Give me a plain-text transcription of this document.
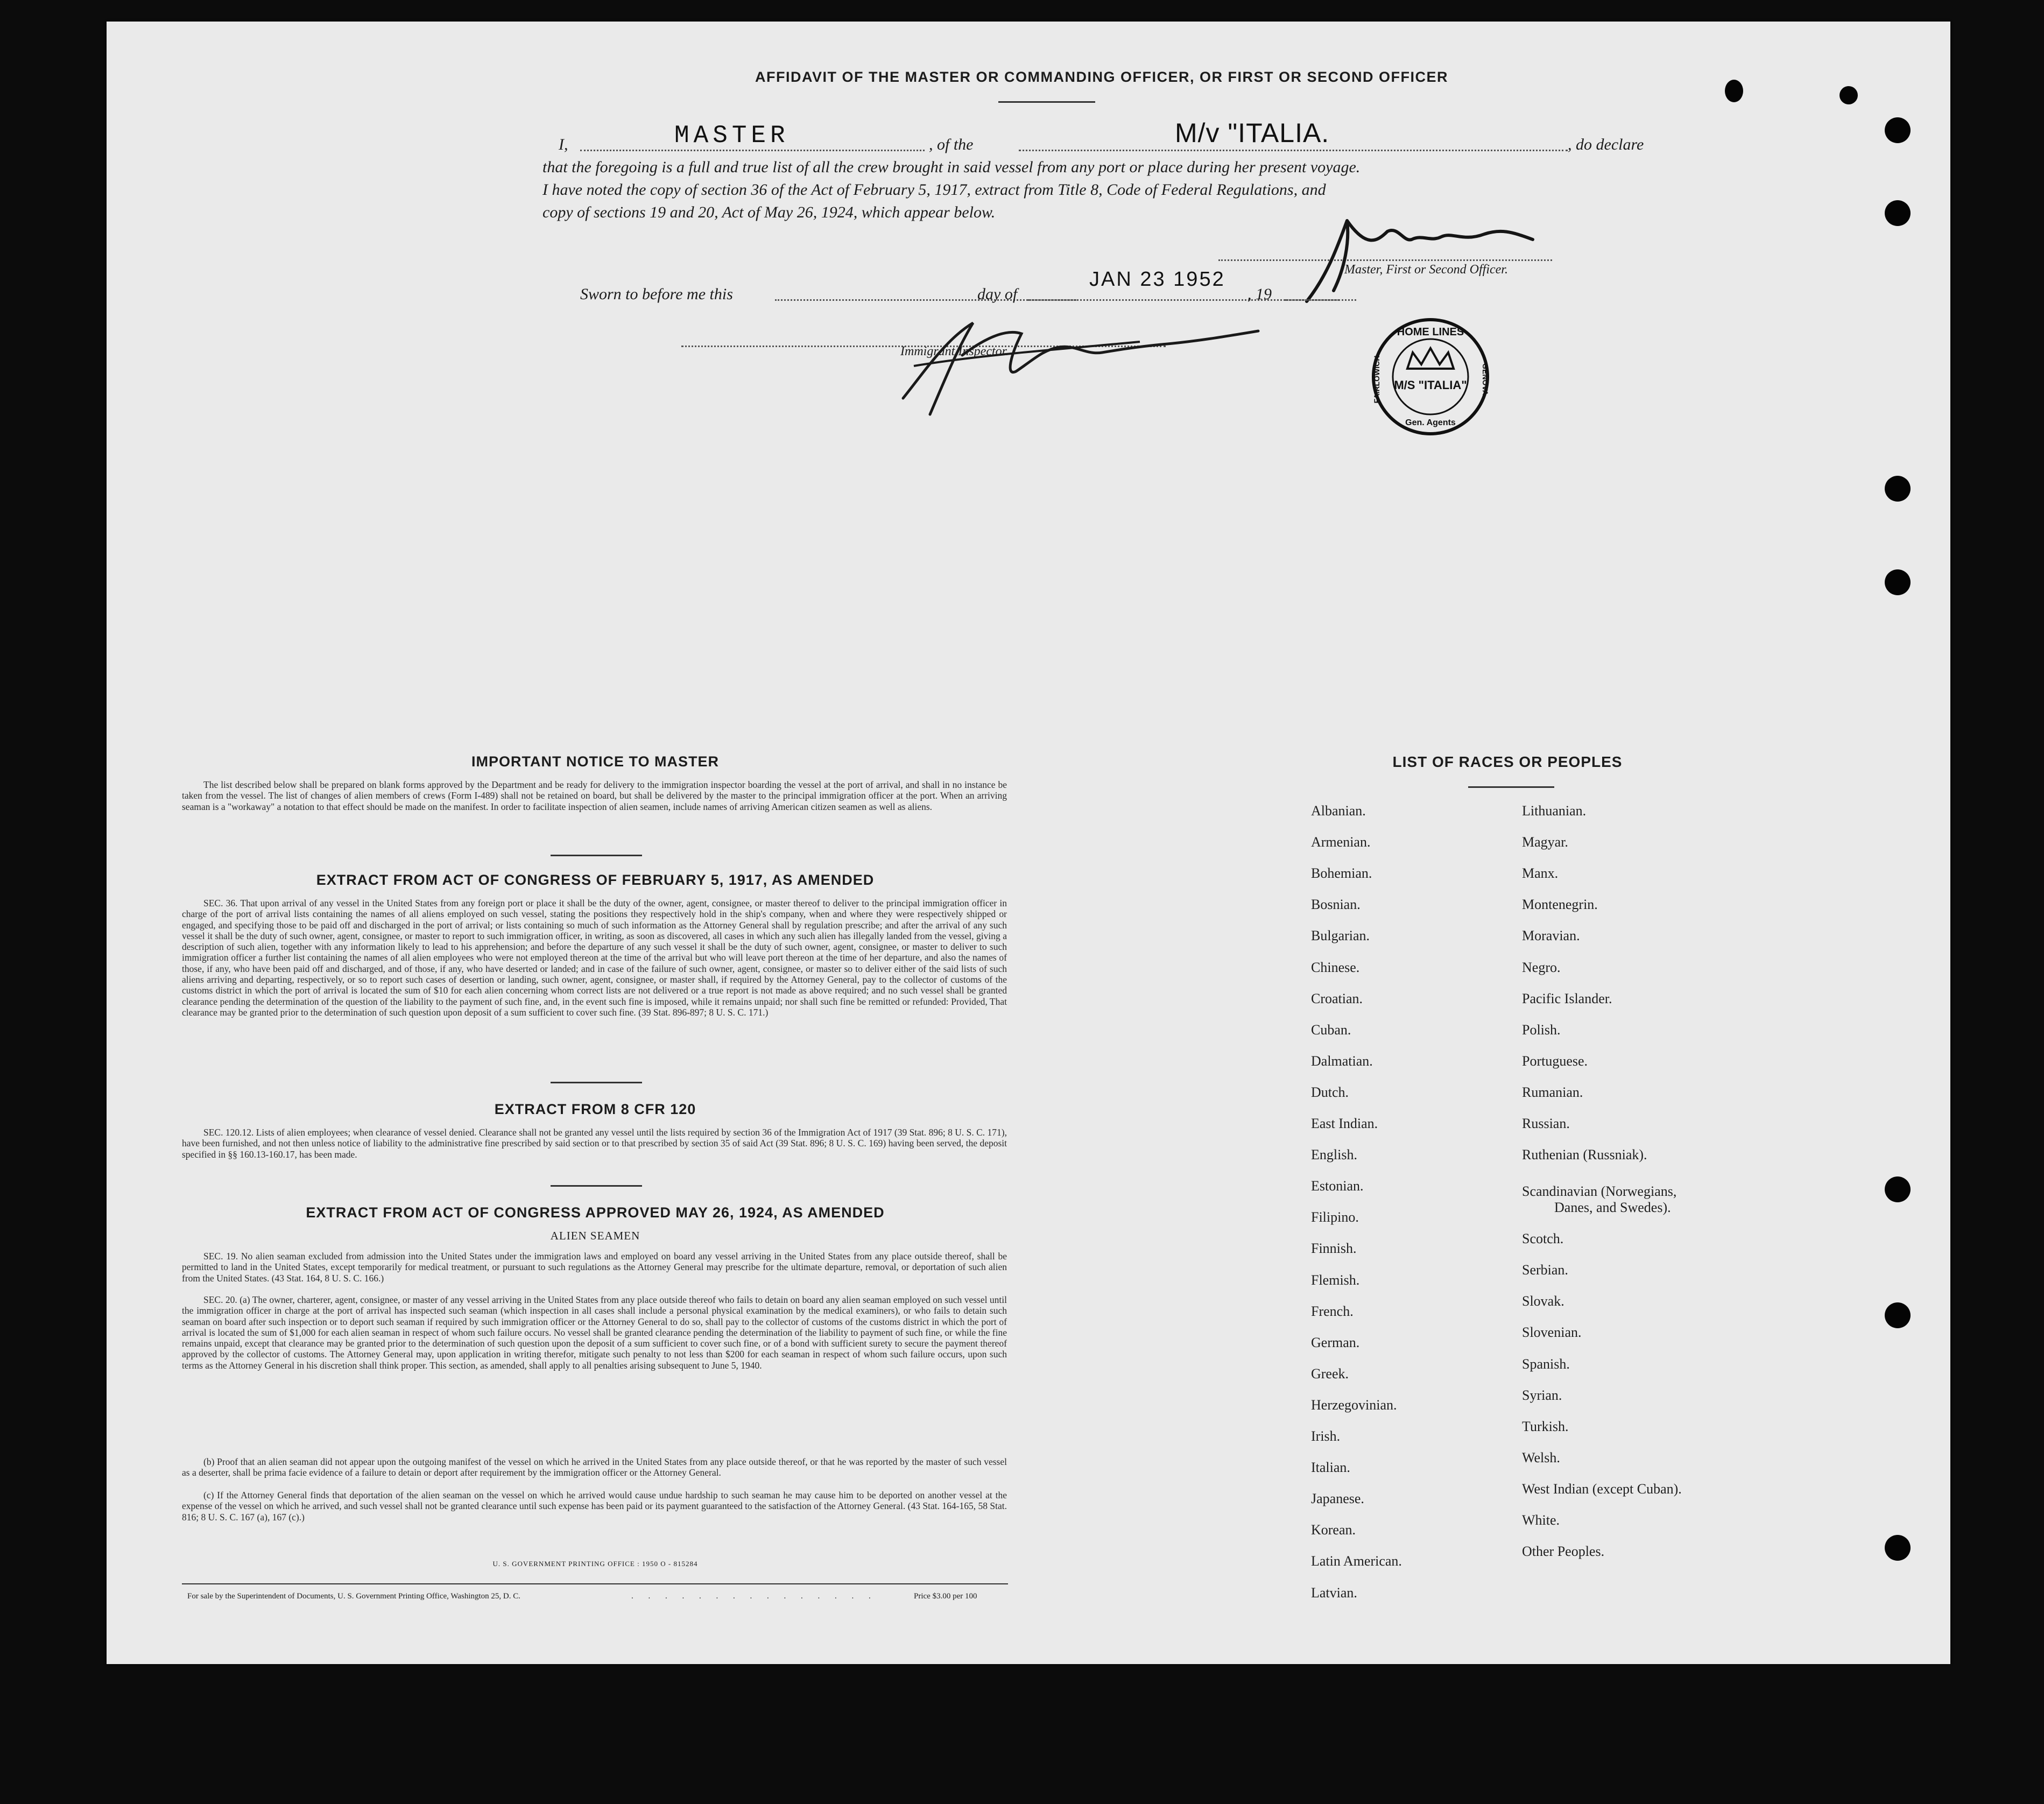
AFFIDAVIT OF THE MASTER OR COMMANDING OFFICER, OR FIRST OR SECOND OFFICER
I,	MASTER	, of the	M/v "ITALIA.	, do declare
that the foregoing is a full and true list of all the crew brought in said vessel from any port or place during her present voyage.
I have noted the copy of section 36 of the Act of February 5, 1917, extract from Title 8, Code of Federal Regulations, and
copy of sections 19 and 20, Act of May 26, 1924, which appear below.
Master, First or Second Officer.
Sworn to before me this	day of
JAN 23 1952
, 19
Immigrant Inspector.
HOME LINES
M/S "ITALIA"
FAIRLOWICH	GENOVA
Gen. Agents
IMPORTANT NOTICE TO MASTER
The list described below shall be prepared on blank forms approved by the Department and be ready for delivery to the immigration inspector boarding the vessel at the port of arrival, and shall in no instance be taken from the vessel. The list of changes of alien members of crews (Form I-489) shall not be retained on board, but shall be delivered by the master to the principal immigration officer at the port. When an arriving seaman is a "workaway" a notation to that effect should be made on the manifest. In order to facilitate inspection of alien seamen, include names of arriving American citizen seamen as well as aliens.
EXTRACT FROM ACT OF CONGRESS OF FEBRUARY 5, 1917, AS AMENDED
SEC. 36. That upon arrival of any vessel in the United States from any foreign port or place it shall be the duty of the owner, agent, consignee, or master thereof to deliver to the principal immigration officer in charge of the port of arrival lists containing the names of all aliens employed on such vessel, stating the positions they respectively hold in the ship's company, when and where they were respectively shipped or engaged, and specifying those to be paid off and discharged in the port of arrival; or lists containing so much of such information as the Attorney General shall by regulation prescribe; and after the arrival of any such vessel it shall be the duty of such owner, agent, consignee, or master to report to such immigration officer, in writing, as soon as discovered, all cases in which any such alien has illegally landed from the vessel, giving a description of such alien, together with any information likely to lead to his apprehension; and before the departure of any such vessel it shall be the duty of such owner, agent, consignee, or master to deliver to such immigration officer a further list containing the names of all alien employees who were not employed thereon at the time of the arrival but who will leave port thereon at the time of her departure, and also the names of those, if any, who have been paid off and discharged, and of those, if any, who have deserted or landed; and in case of the failure of such owner, agent, consignee, or master so to deliver either of the said lists of such aliens arriving and departing, respectively, or so to report such cases of desertion or landing, such owner, agent, consignee, or master shall, if required by the Attorney General, pay to the collector of customs of the customs district in which the port of arrival is located the sum of $10 for each alien concerning whom correct lists are not delivered or a true report is not made as above required; and no such vessel shall be granted clearance pending the determination of the question of the liability to the payment of such fine, and, in the event such fine is imposed, while it remains unpaid; nor shall such fine be remitted or refunded: Provided, That clearance may be granted prior to the determination of such question upon deposit of a sum sufficient to cover such fine. (39 Stat. 896-897; 8 U. S. C. 171.)
EXTRACT FROM 8 CFR 120
SEC. 120.12. Lists of alien employees; when clearance of vessel denied. Clearance shall not be granted any vessel until the lists required by section 36 of the Immigration Act of 1917 (39 Stat. 896; 8 U. S. C. 171), have been furnished, and not then unless notice of liability to the administrative fine prescribed by said section or to that prescribed by section 35 of said Act (39 Stat. 896; 8 U. S. C. 169) having been served, the deposit specified in §§ 160.13-160.17, has been made.
EXTRACT FROM ACT OF CONGRESS APPROVED MAY 26, 1924, AS AMENDED
ALIEN SEAMEN
SEC. 19. No alien seaman excluded from admission into the United States under the immigration laws and employed on board any vessel arriving in the United States from any place outside thereof, shall be permitted to land in the United States, except temporarily for medical treatment, or pursuant to such regulations as the Attorney General may prescribe for the ultimate departure, removal, or deportation of such alien from the United States. (43 Stat. 164, 8 U. S. C. 166.)
SEC. 20. (a) The owner, charterer, agent, consignee, or master of any vessel arriving in the United States from any place outside thereof who fails to detain on board any alien seaman employed on such vessel until the immigration officer in charge at the port of arrival has inspected such seaman (which inspection in all cases shall include a personal physical examination by the medical examiners), or who fails to detain such seaman on board after such inspection or to deport such seaman if required by such immigration officer or the Attorney General to do so, shall pay to the collector of customs of the customs district in which the port of arrival is located the sum of $1,000 for each alien seaman in respect of whom such failure occurs. No vessel shall be granted clearance pending the determination of the liability to payment of such fine, or while the fine remains unpaid, except that clearance may be granted prior to the determination of such question upon the deposit of a sum sufficient to cover such fine, or of a bond with sufficient surety to secure the payment thereof approved by the collector of customs. The Attorney General may, upon application in writing therefor, mitigate such penalty to not less than $200 for each seaman in respect of whom such failure occurs, upon such terms as the Attorney General in his discretion shall think proper. This section, as amended, shall apply to all penalties arising subsequent to June 5, 1940.
(b) Proof that an alien seaman did not appear upon the outgoing manifest of the vessel on which he arrived in the United States from any place outside thereof, or that he was reported by the master of such vessel as a deserter, shall be prima facie evidence of a failure to detain or deport after requirement by the immigration officer or the Attorney General.
(c) If the Attorney General finds that deportation of the alien seaman on the vessel on which he arrived would cause undue hardship to such seaman he may cause him to be deported on another vessel at the expense of the vessel on which he arrived, and such vessel shall not be granted clearance until such expense has been paid or its payment guaranteed to the satisfaction of the Attorney General. (43 Stat. 164-165, 58 Stat. 816; 8 U. S. C. 167 (a), 167 (c).)
U. S. GOVERNMENT PRINTING OFFICE : 1950 O - 815284
For sale by the Superintendent of Documents, U. S. Government Printing Office, Washington 25, D. C.	. . . . . . . . . . . . . . .	Price $3.00 per 100
LIST OF RACES OR PEOPLES
Albanian.
Armenian.
Bohemian.
Bosnian.
Bulgarian.
Chinese.
Croatian.
Cuban.
Dalmatian.
Dutch.
East Indian.
English.
Estonian.
Filipino.
Finnish.
Flemish.
French.
German.
Greek.
Herzegovinian.
Irish.
Italian.
Japanese.
Korean.
Latin American.
Latvian.
Lithuanian.
Magyar.
Manx.
Montenegrin.
Moravian.
Negro.
Pacific Islander.
Polish.
Portuguese.
Rumanian.
Russian.
Ruthenian (Russniak).
Scandinavian (Norwegians,
Danes, and Swedes).
Scotch.
Serbian.
Slovak.
Slovenian.
Spanish.
Syrian.
Turkish.
Welsh.
West Indian (except Cuban).
White.
Other Peoples.
